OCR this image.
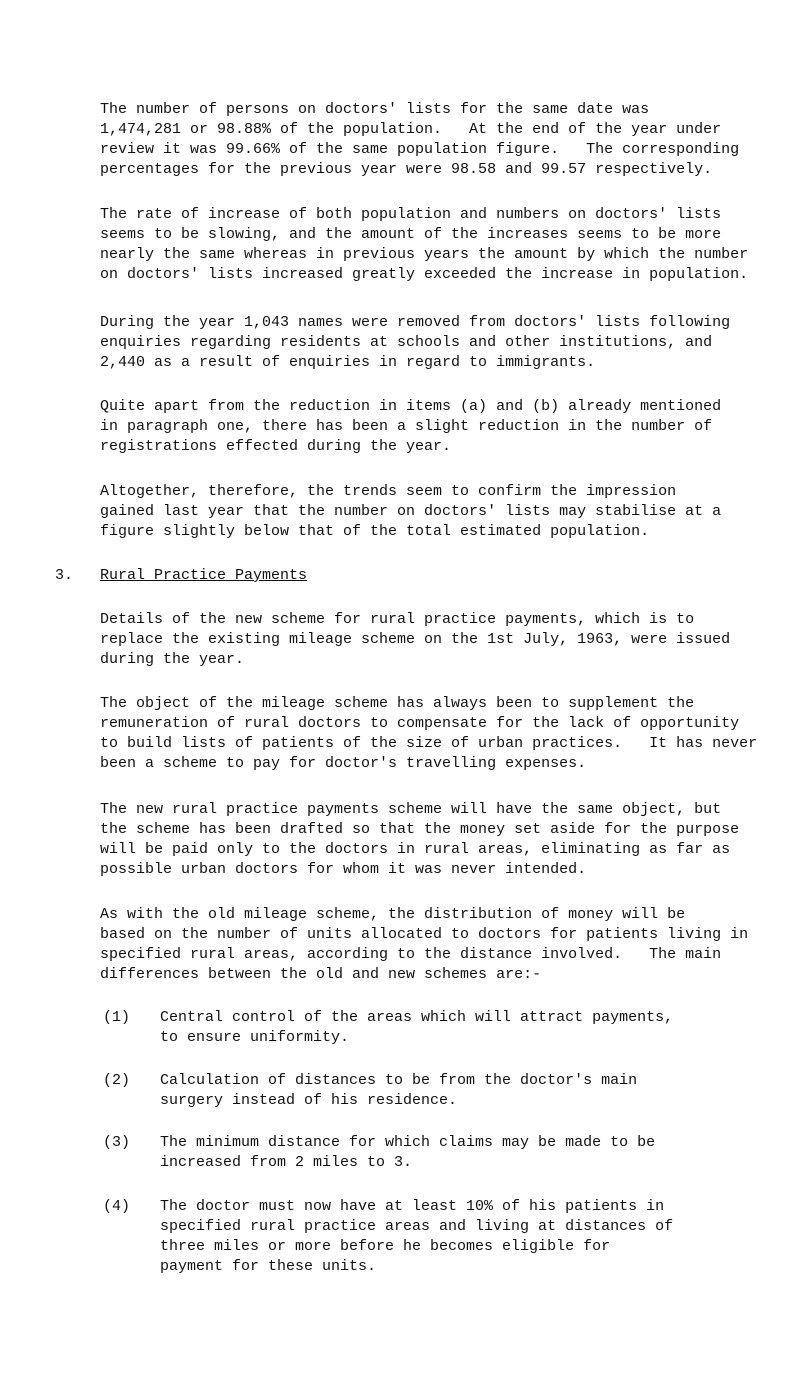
The number of persons on doctors' lists for the same date was
1,474,281 or 98.88% of the population.   At the end of the year under
review it was 99.66% of the same population figure.   The corresponding
percentages for the previous year were 98.58 and 99.57 respectively.

The rate of increase of both population and numbers on doctors' lists
seems to be slowing, and the amount of the increases seems to be more
nearly the same whereas in previous years the amount by which the number
on doctors' lists increased greatly exceeded the increase in population.

During the year 1,043 names were removed from doctors' lists following
enquiries regarding residents at schools and other institutions, and
2,440 as a result of enquiries in regard to immigrants.

Quite apart from the reduction in items (a) and (b) already mentioned
in paragraph one, there has been a slight reduction in the number of
registrations effected during the year.

Altogether, therefore, the trends seem to confirm the impression
gained last year that the number on doctors' lists may stabilise at a
figure slightly below that of the total estimated population.

3. Rural Practice Payments

Details of the new scheme for rural practice payments, which is to
replace the existing mileage scheme on the 1st July, 1963, were issued
during the year.

The object of the mileage scheme has always been to supplement the
remuneration of rural doctors to compensate for the lack of opportunity
to build lists of patients of the size of urban practices.   It has never
been a scheme to pay for doctor's travelling expenses.

The new rural practice payments scheme will have the same object, but
the scheme has been drafted so that the money set aside for the purpose
will be paid only to the doctors in rural areas, eliminating as far as
possible urban doctors for whom it was never intended.

As with the old mileage scheme, the distribution of money will be
based on the number of units allocated to doctors for patients living in
specified rural areas, according to the distance involved.   The main
differences between the old and new schemes are:-

(1) Central control of the areas which will attract payments,
to ensure uniformity.

(2) Calculation of distances to be from the doctor's main
surgery instead of his residence.

(3) The minimum distance for which claims may be made to be
increased from 2 miles to 3.

(4) The doctor must now have at least 10% of his patients in
specified rural practice areas and living at distances of
three miles or more before he becomes eligible for
payment for these units.
